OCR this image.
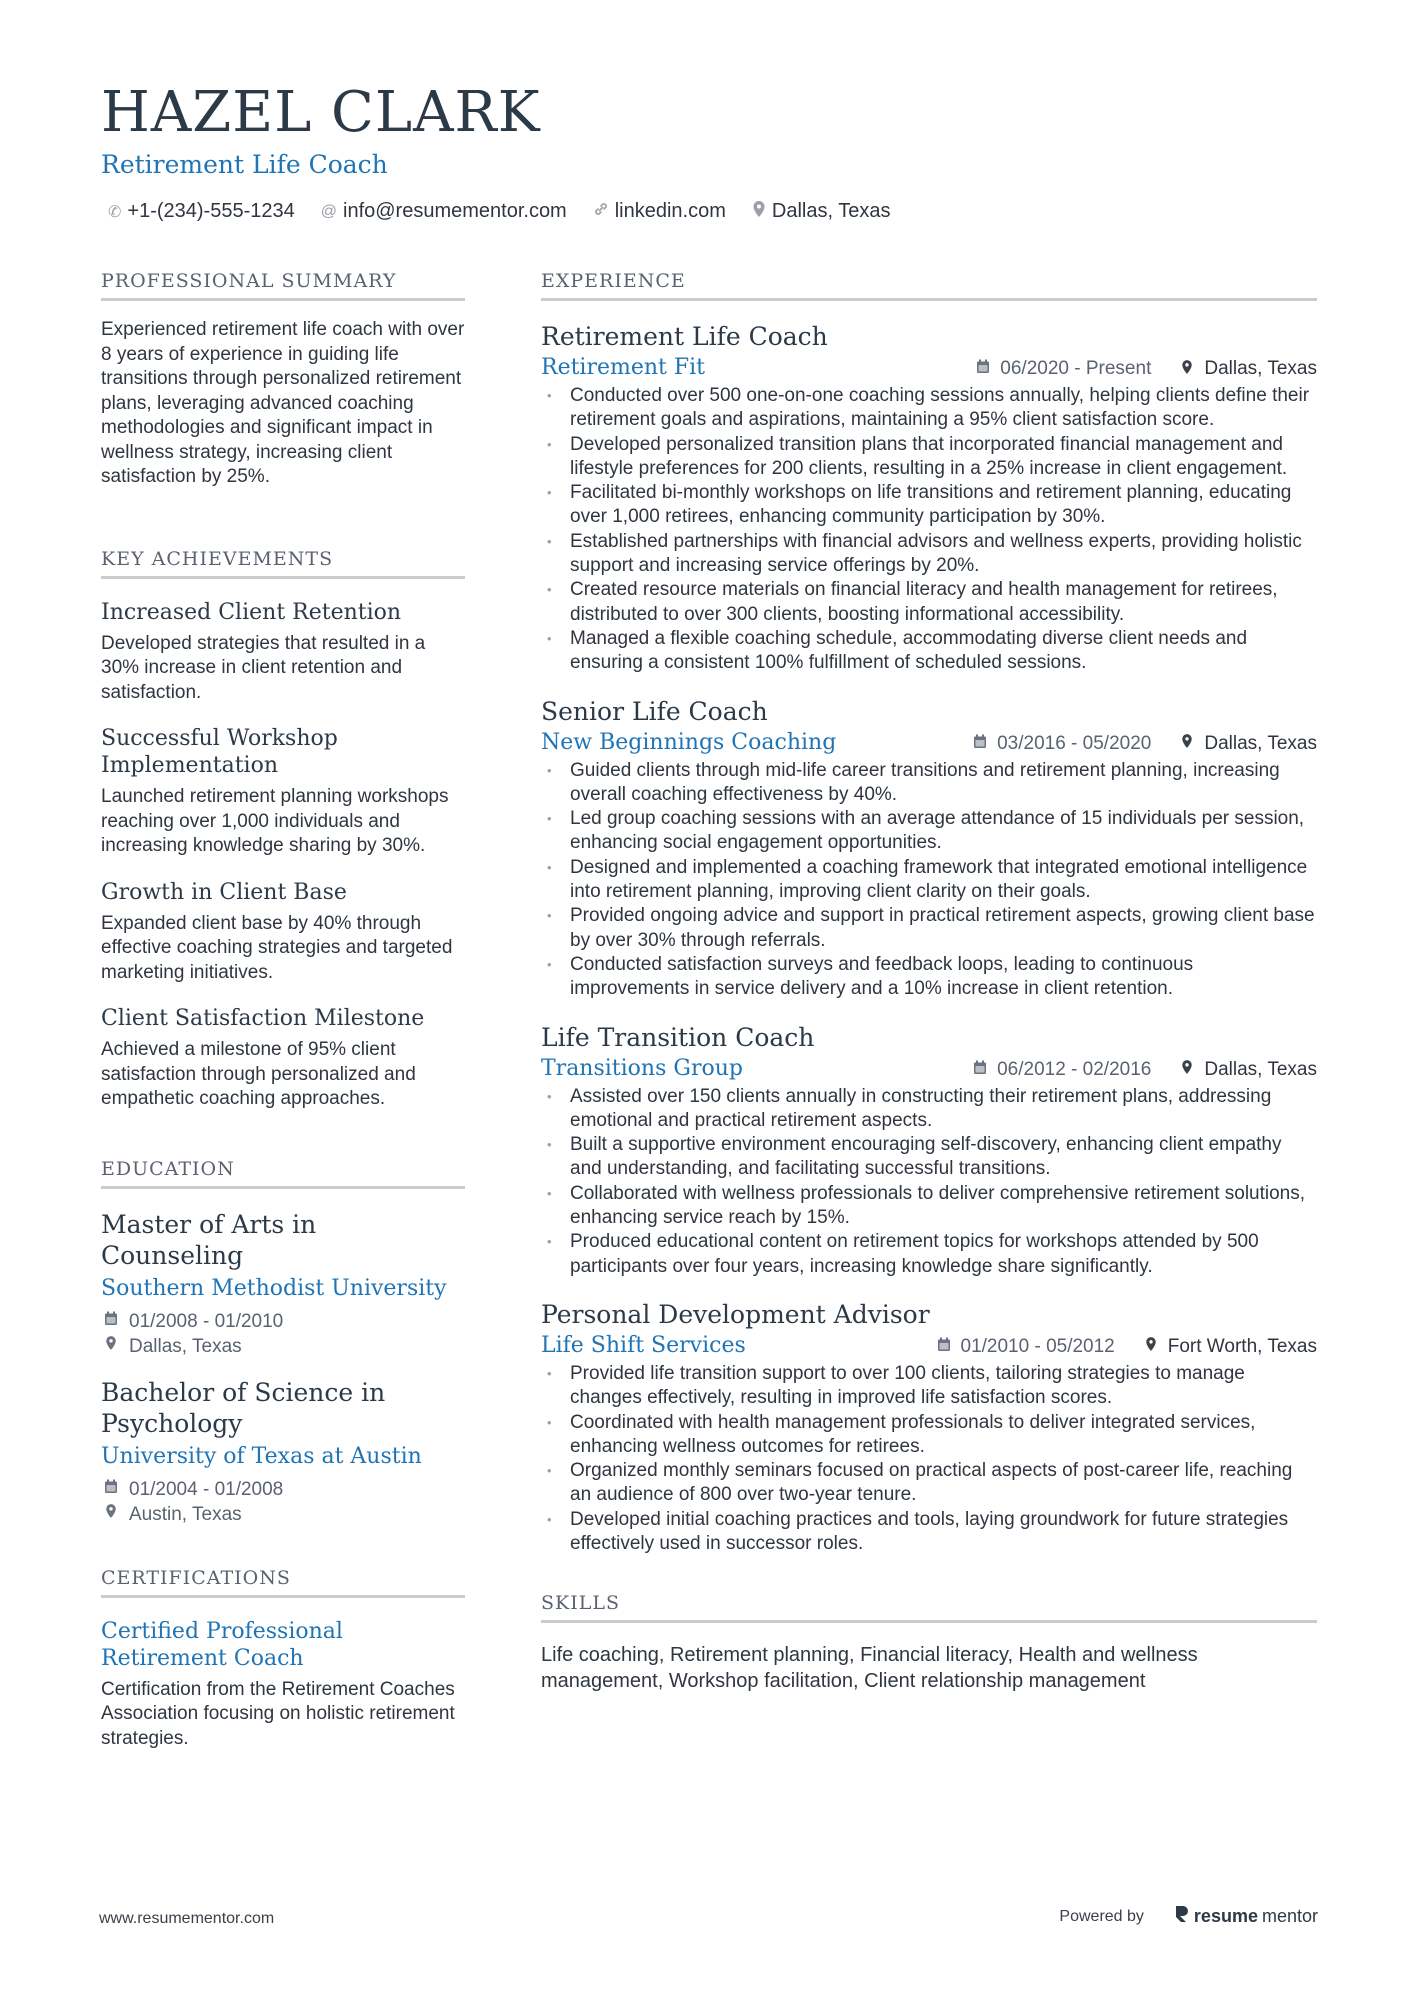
HAZEL CLARK
Retirement Life Coach
✆ +1-(234)-555-1234 @ info@resumementor.com linkedin.com Dallas, Texas
PROFESSIONAL SUMMARY

Experienced retirement life coach with over 8 years of experience in guiding life transitions through personalized retirement plans, leveraging advanced coaching methodologies and significant impact in wellness strategy, increasing client satisfaction by 25%.

KEY ACHIEVEMENTS
Increased Client Retention

Developed strategies that resulted in a 30% increase in client retention and satisfaction.

Successful Workshop Implementation

Launched retirement planning workshops reaching over 1,000 individuals and increasing knowledge sharing by 30%.

Growth in Client Base

Expanded client base by 40% through effective coaching strategies and targeted marketing initiatives.

Client Satisfaction Milestone

Achieved a milestone of 95% client satisfaction through personalized and empathetic coaching approaches.

EDUCATION
Master of Arts in Counseling
Southern Methodist University
01/2008 - 01/2010
Dallas, Texas
Bachelor of Science in Psychology
University of Texas at Austin
01/2004 - 01/2008
Austin, Texas
CERTIFICATIONS
Certified Professional Retirement Coach

Certification from the Retirement Coaches Association focusing on holistic retirement strategies.

EXPERIENCE
Retirement Life Coach
Retirement Fit	06/2020 - Present	Dallas, Texas
• Conducted over 500 one-on-one coaching sessions annually, helping clients define their retirement goals and aspirations, maintaining a 95% client satisfaction score.
• Developed personalized transition plans that incorporated financial management and lifestyle preferences for 200 clients, resulting in a 25% increase in client engagement.
• Facilitated bi-monthly workshops on life transitions and retirement planning, educating over 1,000 retirees, enhancing community participation by 30%.
• Established partnerships with financial advisors and wellness experts, providing holistic support and increasing service offerings by 20%.
• Created resource materials on financial literacy and health management for retirees, distributed to over 300 clients, boosting informational accessibility.
• Managed a flexible coaching schedule, accommodating diverse client needs and ensuring a consistent 100% fulfillment of scheduled sessions.
Senior Life Coach
New Beginnings Coaching	03/2016 - 05/2020	Dallas, Texas
• Guided clients through mid-life career transitions and retirement planning, increasing overall coaching effectiveness by 40%.
• Led group coaching sessions with an average attendance of 15 individuals per session, enhancing social engagement opportunities.
• Designed and implemented a coaching framework that integrated emotional intelligence into retirement planning, improving client clarity on their goals.
• Provided ongoing advice and support in practical retirement aspects, growing client base by over 30% through referrals.
• Conducted satisfaction surveys and feedback loops, leading to continuous improvements in service delivery and a 10% increase in client retention.
Life Transition Coach
Transitions Group	06/2012 - 02/2016	Dallas, Texas
• Assisted over 150 clients annually in constructing their retirement plans, addressing emotional and practical retirement aspects.
• Built a supportive environment encouraging self-discovery, enhancing client empathy and understanding, and facilitating successful transitions.
• Collaborated with wellness professionals to deliver comprehensive retirement solutions, enhancing service reach by 15%.
• Produced educational content on retirement topics for workshops attended by 500 participants over four years, increasing knowledge share significantly.
Personal Development Advisor
Life Shift Services	01/2010 - 05/2012	Fort Worth, Texas
• Provided life transition support to over 100 clients, tailoring strategies to manage changes effectively, resulting in improved life satisfaction scores.
• Coordinated with health management professionals to deliver integrated services, enhancing wellness outcomes for retirees.
• Organized monthly seminars focused on practical aspects of post-career life, reaching an audience of 800 over two-year tenure.
• Developed initial coaching practices and tools, laying groundwork for future strategies effectively used in successor roles.
SKILLS

Life coaching, Retirement planning, Financial literacy, Health and wellness management, Workshop facilitation, Client relationship management

www.resumementor.com	Powered by	resume mentor
